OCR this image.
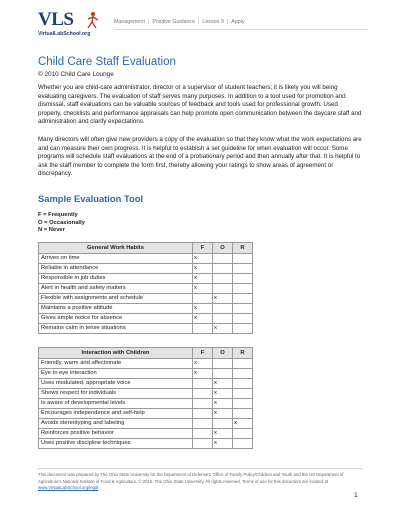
VLS
VirtualLabSchool.org
Management | Positive Guidance | Lesson 9 | Apply
Child Care Staff Evaluation
© 2010 Child Care Lounge

Whether you are child-care administrator, director or a supervisor of student teachers; it is likely you will being evaluating caregivers. The evaluation of staff serves many purposes. In addition to a tool used for promotion and dismissal, staff evaluations can be valuable sources of feedback and tools used for professional growth. Used properly, checklists and performance appraisals can help promote open communication between the daycare staff and administration and clarify expectations.

Many directors will often give new providers a copy of the evaluation so that they know what the work expectations are and can measure their own progress. It is helpful to establish a set guideline for when evaluation will occur. Some programs will schedule staff evaluations at the end of a probationary period and then annually after that. It is helpful to ask the staff member to complete the form first, thereby allowing your ratings to show areas of agreement or discrepancy.

Sample Evaluation Tool
F = Frequently
O = Occasionally
N = Never
General Work Habits	F	O	R
Arrives on time	x		
Reliable in attendance	x		
Responsible in job duties	x		
Alert in health and safety matters	x		
Flexible with assignments and schedule		x	
Maintains a positive attitude	x		
Gives ample notice for absence	x		
Remains calm in tense situations		x	
Interaction with Children	F	O	R
Friendly, warm and affectionate	x		
Eye to eye interaction	x		
Uses modulated, appropriate voice		x	
Shows respect for individuals		x	
Is aware of developmental levels		x	
Encourages independence and self-help		x	
Avoids stereotyping and labeling			x
Reinforces positive behavior		x	
Uses positive discipline techniques		x	
This document was prepared by The Ohio State University for the Department of Defense's Office of Family Policy/Children and Youth and the US Department of Agriculture's National Institute of Food & Agriculture. © 2016. The Ohio State University. All rights reserved. Terms of use for this document are located at www.VirtualLabSchool.org/legal
1
